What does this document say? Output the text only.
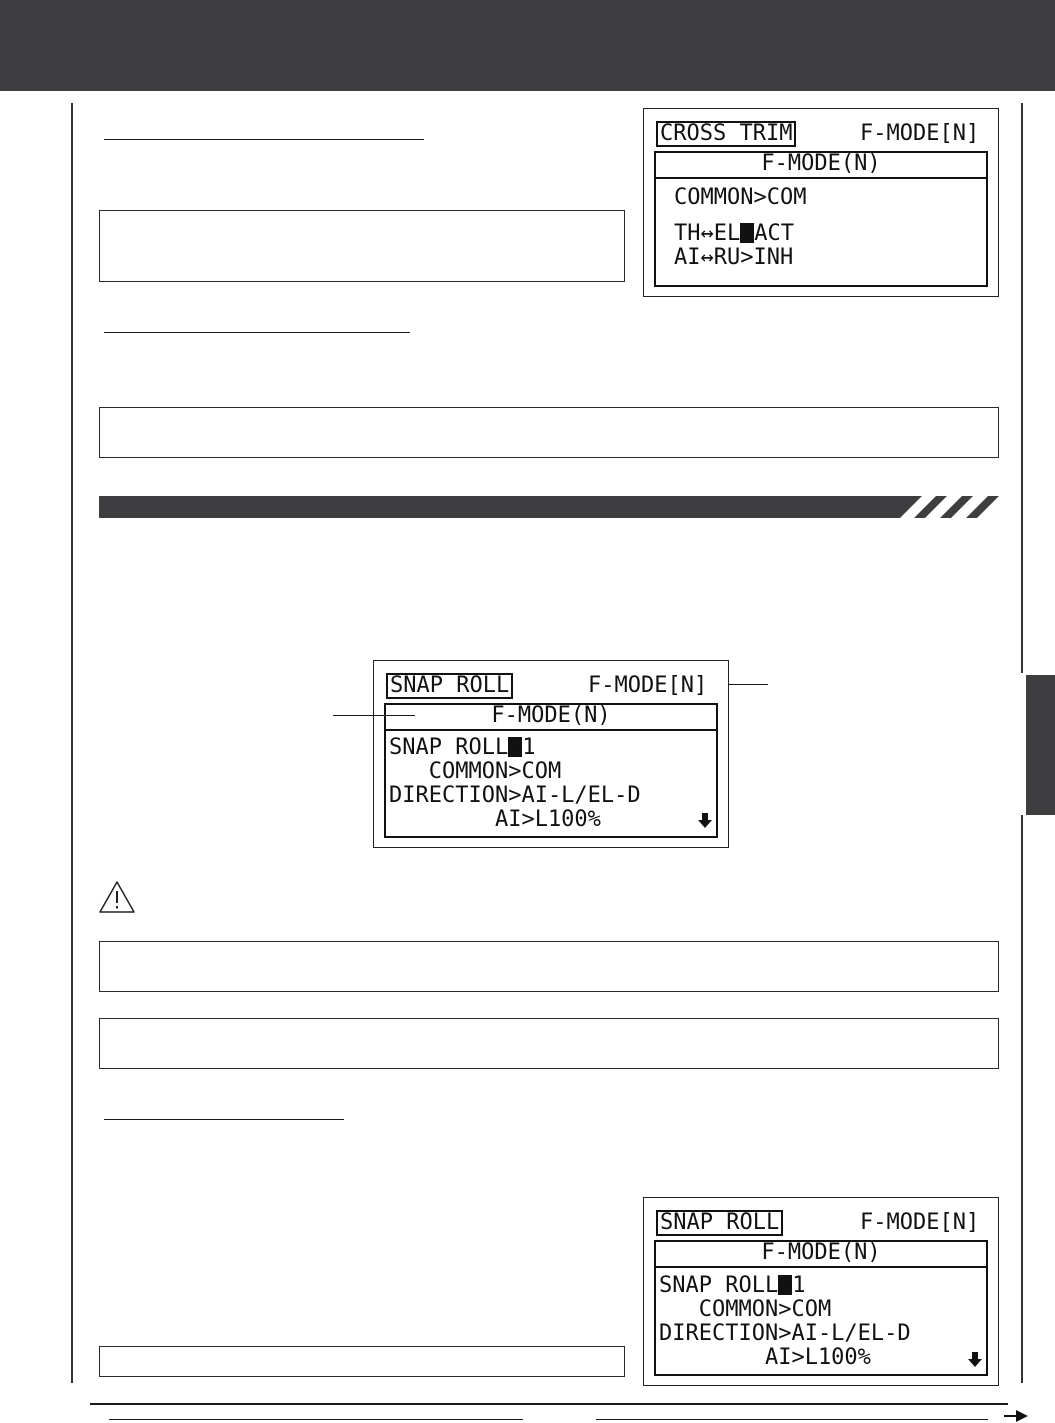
CROSS TRIM	F-MODE[N]
F-MODE(N)
COMMON>COM
TH↔EL ACT
AI↔RU>INH
SNAP ROLL	F-MODE[N]
F-MODE(N)
SNAP ROLL 1
COMMON>COM
DIRECTION>AI-L/EL-D
AI>L100%
SNAP ROLL	F-MODE[N]
F-MODE(N)
SNAP ROLL 1
COMMON>COM
DIRECTION>AI-L/EL-D
AI>L100%
